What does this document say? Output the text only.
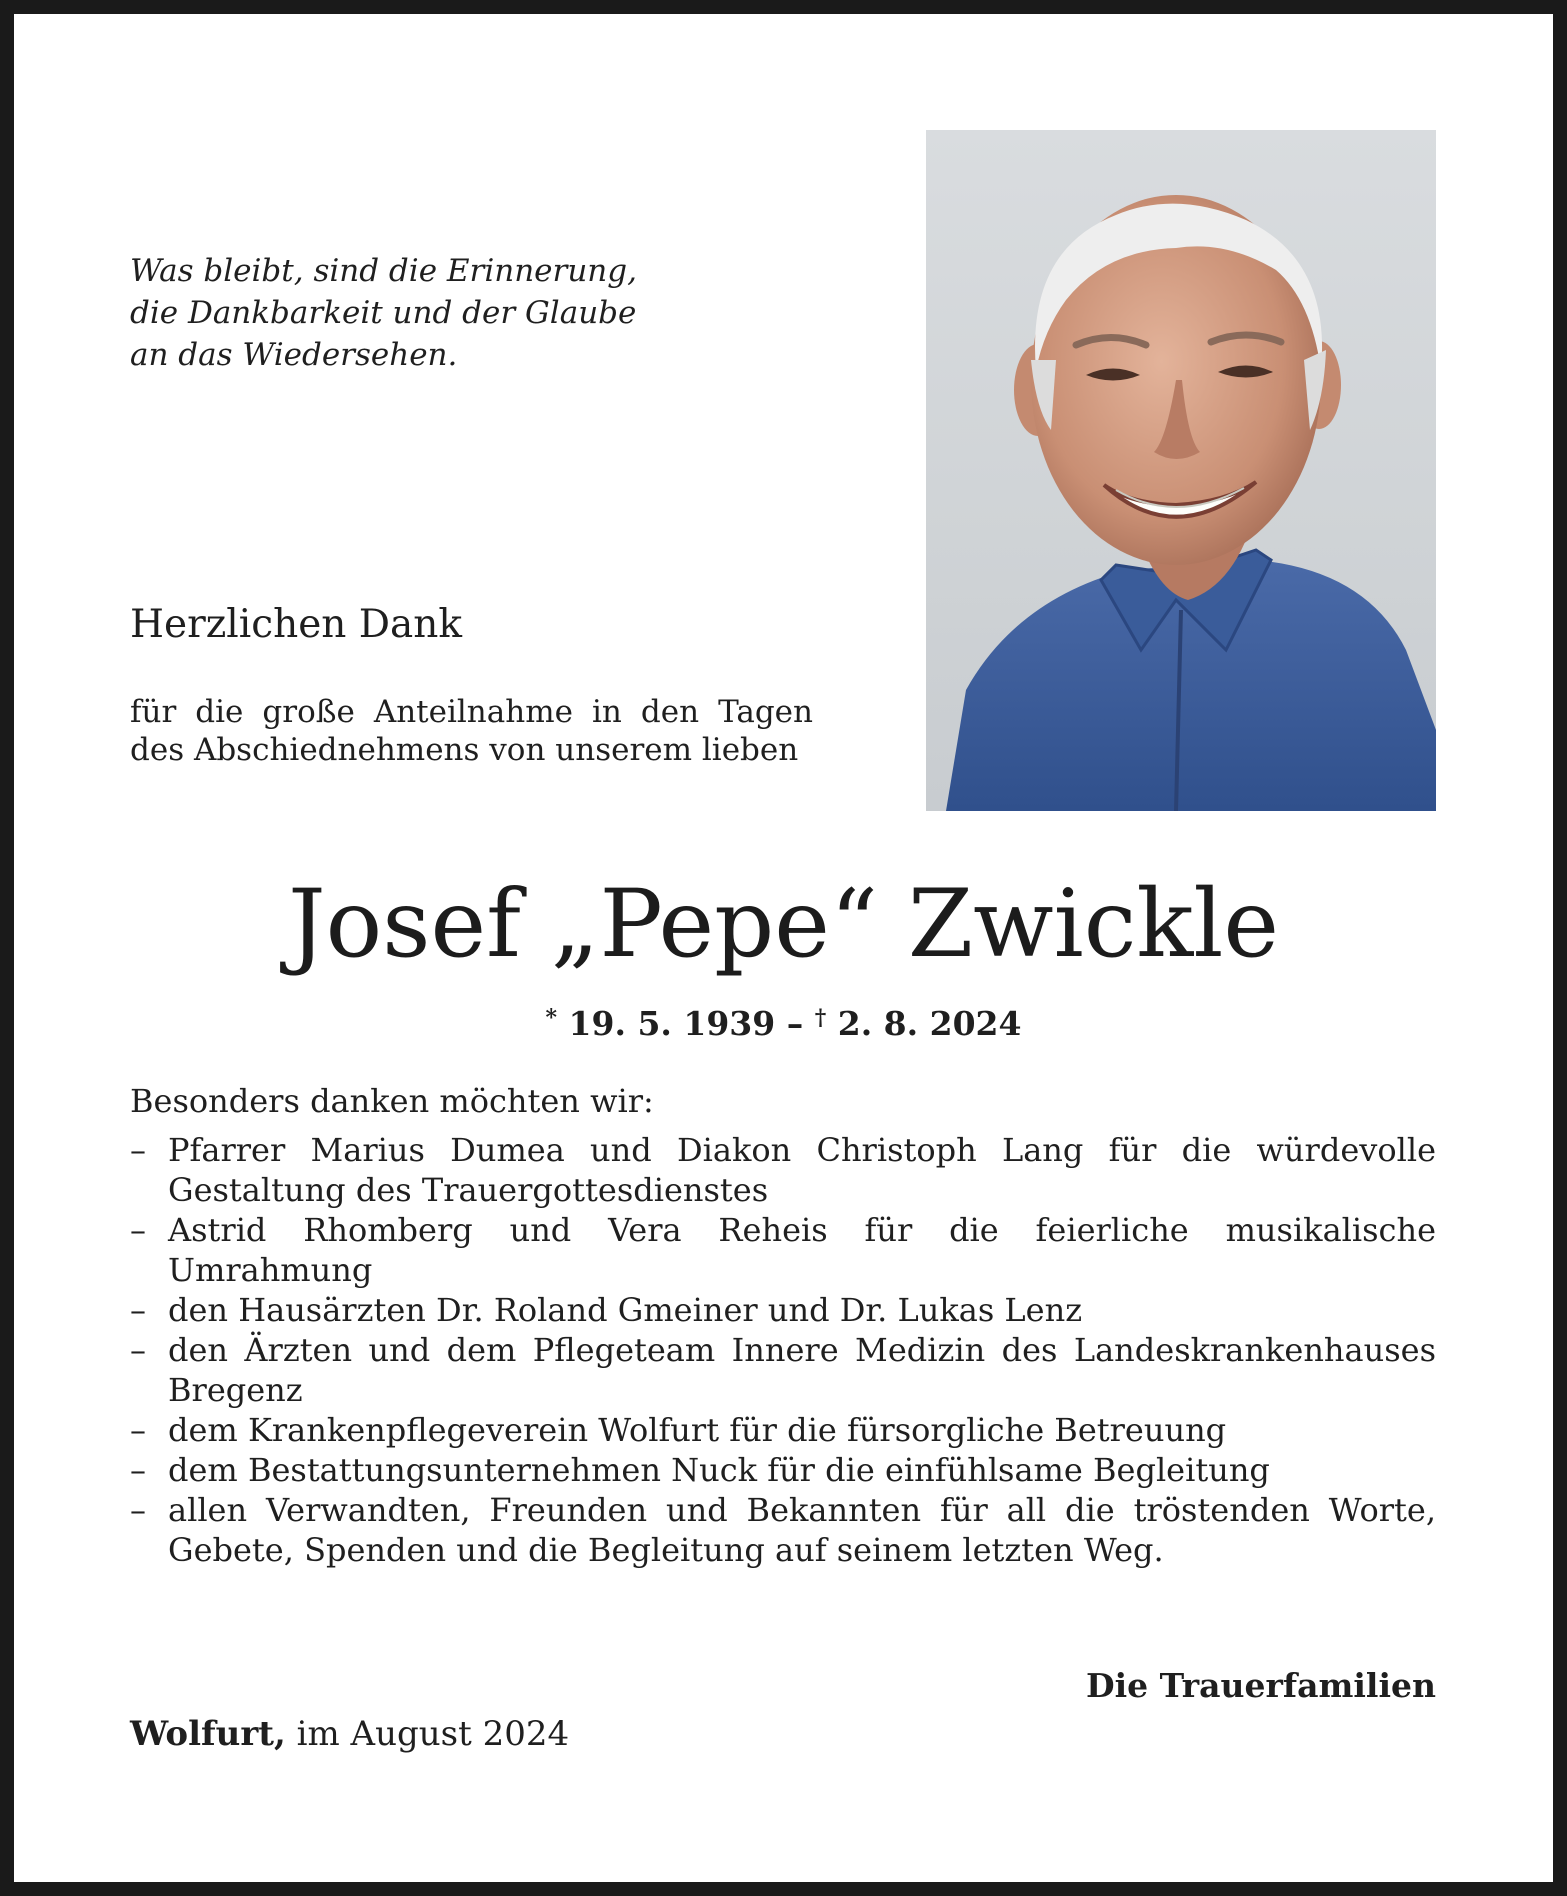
Was bleibt, sind die Erinnerung,
die Dankbarkeit und der Glaube
an das Wiedersehen.
Herzlichen Dank
für die große Anteilnahme in den Tagen des Abschiednehmens von unserem lieben
Josef „Pepe“ Zwickle
* 19. 5. 1939 – † 2. 8. 2024
Besonders danken möchten wir:
– Pfarrer Marius Dumea und Diakon Christoph Lang für die würdevolle Gestaltung des Trauergottesdienstes
– Astrid Rhomberg und Vera Reheis für die feierliche musikalische Umrahmung
– den Hausärzten Dr. Roland Gmeiner und Dr. Lukas Lenz
– den Ärzten und dem Pflegeteam Innere Medizin des Landeskrankenhauses Bregenz
– dem Krankenpflegeverein Wolfurt für die fürsorgliche Betreuung
– dem Bestattungsunternehmen Nuck für die einfühlsame Begleitung
– allen Verwandten, Freunden und Bekannten für all die tröstenden Worte, Gebete, Spenden und die Begleitung auf seinem letzten Weg.
Die Trauerfamilien
Wolfurt, im August 2024
